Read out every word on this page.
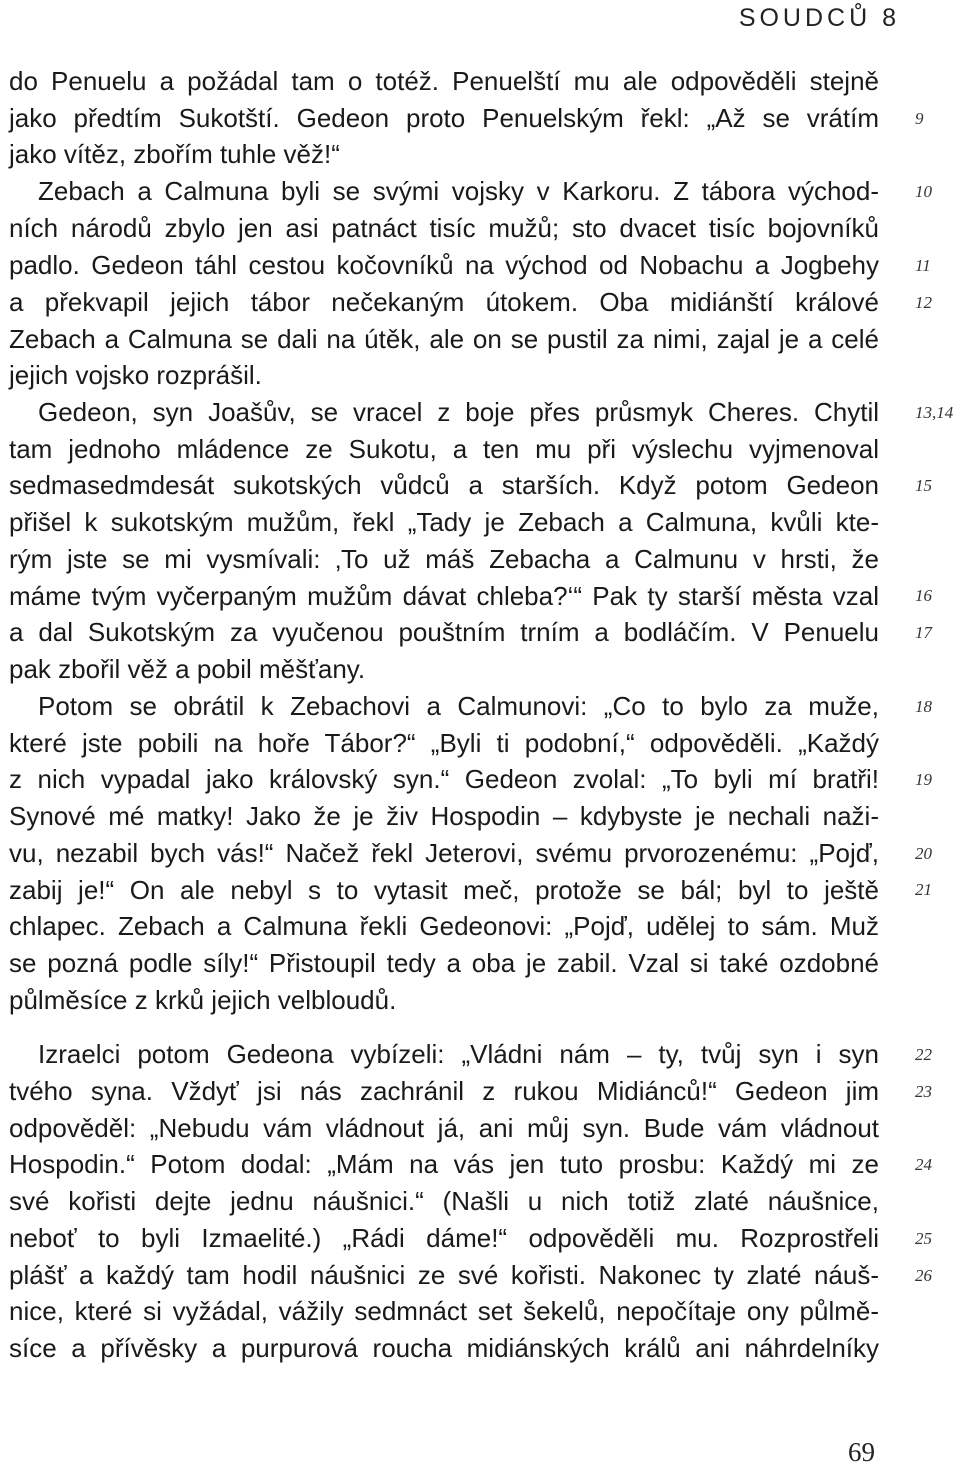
SOUDCŮ 8
do Penuelu a požádal tam o totéž. Penuelští mu ale odpověděli stejně
jako předtím Sukotští. Gedeon proto Penuelským řekl: „Až se vrátím
jako vítěz, zbořím tuhle věž!“
Zebach a Calmuna byli se svými vojsky v Karkoru. Z tábora východ-
ních národů zbylo jen asi patnáct tisíc mužů; sto dvacet tisíc bojovníků
padlo. Gedeon táhl cestou kočovníků na východ od Nobachu a Jogbehy
a překvapil jejich tábor nečekaným útokem. Oba midiánští králové
Zebach a Calmuna se dali na útěk, ale on se pustil za nimi, zajal je a celé
jejich vojsko rozprášil.
Gedeon, syn Joašův, se vracel z boje přes průsmyk Cheres. Chytil
tam jednoho mládence ze Sukotu, a ten mu při výslechu vyjmenoval
sedmasedmdesát sukotských vůdců a starších. Když potom Gedeon
přišel k sukotským mužům, řekl „Tady je Zebach a Calmuna, kvůli kte-
rým jste se mi vysmívali: ‚To už máš Zebacha a Calmunu v hrsti, že
máme tvým vyčerpaným mužům dávat chleba?‘“ Pak ty starší města vzal
a dal Sukotským za vyučenou pouštním trním a bodláčím. V Penuelu
pak zbořil věž a pobil měšťany.
Potom se obrátil k Zebachovi a Calmunovi: „Co to bylo za muže,
které jste pobili na hoře Tábor?“ „Byli ti podobní,“ odpověděli. „Každý
z nich vypadal jako královský syn.“ Gedeon zvolal: „To byli mí bratři!
Synové mé matky! Jako že je živ Hospodin – kdybyste je nechali naži-
vu, nezabil bych vás!“ Načež řekl Jeterovi, svému prvorozenému: „Pojď,
zabij je!“ On ale nebyl s to vytasit meč, protože se bál; byl to ještě
chlapec. Zebach a Calmuna řekli Gedeonovi: „Pojď, udělej to sám. Muž
se pozná podle síly!“ Přistoupil tedy a oba je zabil. Vzal si také ozdobné
půlměsíce z krků jejich velbloudů.
Izraelci potom Gedeona vybízeli: „Vládni nám – ty, tvůj syn i syn
tvého syna. Vždyť jsi nás zachránil z rukou Midiánců!“ Gedeon jim
odpověděl: „Nebudu vám vládnout já, ani můj syn. Bude vám vládnout
Hospodin.“ Potom dodal: „Mám na vás jen tuto prosbu: Každý mi ze
své kořisti dejte jednu náušnici.“ (Našli u nich totiž zlaté náušnice,
neboť to byli Izmaelité.) „Rádi dáme!“ odpověděli mu. Rozprostřeli
plášť a každý tam hodil náušnici ze své kořisti. Nakonec ty zlaté náuš-
nice, které si vyžádal, vážily sedmnáct set šekelů, nepočítaje ony půlmě-
síce a přívěsky a purpurová roucha midiánských králů ani náhrdelníky
9
10
11
12
13,14
15
16
17
18
19
20
21
22
23
24
25
26
69
